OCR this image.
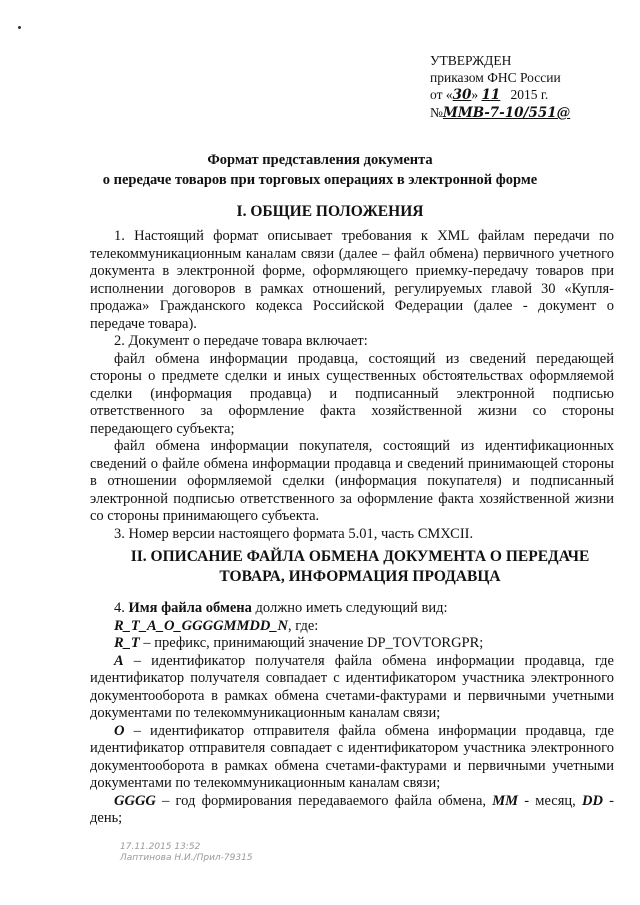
УТВЕРЖДЕН
приказом ФНС России
от «30» 11 2015 г.
№ММВ-7-10/551@
Формат представления документа
о передаче товаров при торговых операциях в электронной форме
I. ОБЩИЕ ПОЛОЖЕНИЯ

1. Настоящий формат описывает требования к XML файлам передачи по телекоммуникационным каналам связи (далее – файл обмена) первичного учетного документа в электронной форме, оформляющего приемку-передачу товаров при исполнении договоров в рамках отношений, регулируемых главой 30 «Купля-продажа» Гражданского кодекса Российской Федерации (далее - документ о передаче товара).

2. Документ о передаче товара включает:

файл обмена информации продавца, состоящий из сведений передающей стороны о предмете сделки и иных существенных обстоятельствах оформляемой сделки (информация продавца) и подписанный электронной подписью ответственного за оформление факта хозяйственной жизни со стороны передающего субъекта;

файл обмена информации покупателя, состоящий из идентификационных сведений о файле обмена информации продавца и сведений принимающей стороны в отношении оформляемой сделки (информация покупателя) и подписанный электронной подписью ответственного за оформление факта хозяйственной жизни со стороны принимающего субъекта.

3. Номер версии настоящего формата 5.01, часть СМХСII.

II. ОПИСАНИЕ ФАЙЛА ОБМЕНА ДОКУМЕНТА О ПЕРЕДАЧЕ
ТОВАРА, ИНФОРМАЦИЯ ПРОДАВЦА

4. Имя файла обмена должно иметь следующий вид:

R_T_A_O_GGGGMMDD_N, где:

R_T – префикс, принимающий значение DP_TOVTORGPR;

A – идентификатор получателя файла обмена информации продавца, где идентификатор получателя совпадает с идентификатором участника электронного документооборота в рамках обмена счетами-фактурами и первичными учетными документами по телекоммуникационным каналам связи;

O – идентификатор отправителя файла обмена информации продавца, где идентификатор отправителя совпадает с идентификатором участника электронного документооборота в рамках обмена счетами-фактурами и первичными учетными документами по телекоммуникационным каналам связи;

GGGG – год формирования передаваемого файла обмена, MM - месяц, DD - день;

17.11.2015 13:52
Лаптинова Н.И./Прил-79315
